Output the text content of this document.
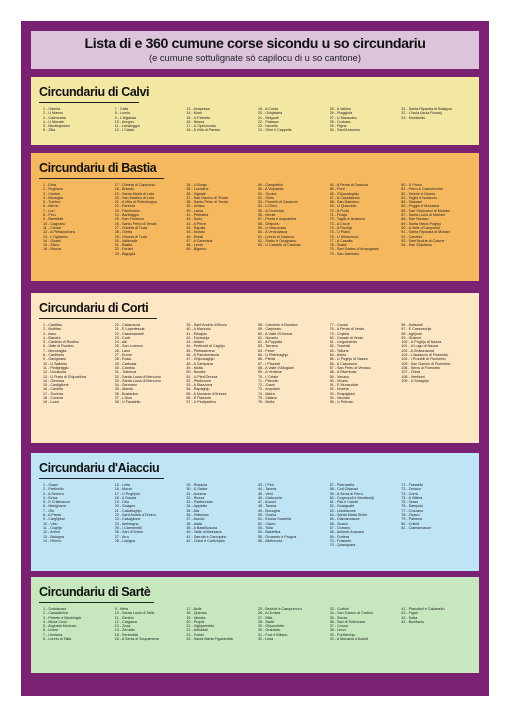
Lista di e 360 cumune corse sicondu u so circundariu
(e cumune sottulignate sò capilocu di u so cantone)
Circundariu di Calvi
1 - Galeria
2 - U Manso
3 - Calenzana
4 - U Mucale
5 - Montegrosso
6 - Zilia
7 - Calvi
8 - Lumiu
9 - L'Algaiola
10 - Aregnu
11 - Lavatoggiu
12 - I Catari
13 - Avapessa
14 - Muru
15 - U Felicetu
16 - Nessa
17 - U Speluncatu
18 - A Villa di Parasu
19 - A Costa
20 - Ochjatana
21 - Belgudè
22 - Palasca
23 - Novella
24 - Olmi è Cappella
25 - A Vallica
26 - Pioggiola
27 - U Mausoleu
28 - Curbara
29 - Pigna
30 - Sant'Antoninu
31 - Santa Riparata di Balagna
32 - L'Isula (Isula Rossa)
33 - Munticellu
Circundariu di Bastia
1 - Ersa
2 - Rugliano
3 - Centuri
4 - Morsiglia
5 - Tumino
6 - Merìa
7 - Luri
8 - Pinu
9 - Barrettali
10 - Cagnanu
11 - Canari
12 - A Petracurbara
13 - L'Ogliastru
14 - Olcani
15 - Sisco
16 - Nonza
17 - Olmeta di Capicorsu
18 - Brandu
19 - Santa Maria di Lota
20 - San Martinu di Lota
21 - A Villa di Pietrabugnu
22 - Farinole
23 - Patrimoniu
24 - Barbaggiu
25 - San Fiorenzu
26 - Santu Petru di Tenda
27 - Olmeta di Tuda
28 - Oletta
29 - Olmeta di Tuda
30 - Vallecalle
31 - Bastia
32 - Furiani
33 - Biguglia
34 - U Borgu
35 - Lucciana
36 - Vignale
37 - San Gavinu di Tenda
38 - Santu Petru di Tenda
39 - Urtaca
40 - Lama
41 - Pietralba
42 - Sorio
43 - A Pieve
44 - Rapale
45 - Murato
46 - Rutali
47 - A Canonica
48 - Lento
49 - Bigornu
49 - Campitellu
50 - A Volpaiola
51 - Scolca
52 - Olmu
53 - Prunelli di Casaconi
54 - L'Olmu
55 - A Crucichja
56 - Monte
57 - Penta è Acquatella
58 - Ortiporiu
59 - U Vescuvatu
60 - A Venzulasca
61 - Loretu di Casinca
62 - Sorbu è Ocugnanu
63 - U Castellu di Casinca
64 - A Penta di Casinca
65 - Porri
66 - Ghjucatoghju
67 - A Casabianca
68 - San Damianu
69 - U Quarciolu
70 - A Porta
71 - Ficaja
72 - Taglio è Isulacciu
73 - A Croce
74 - A Fiuchja
75 - U Piano
76 - U Silvareccio
77 - A Casalta
78 - Scata
79 - San Gavinu d'Ampugnani
79 - San Damianu
80 - U Prunu
81 - Perru è Casevecchie
82 - Velone è Ornetu
83 - Taglio è Isulacciu
84 - Talasani
85 - Poggiu è Mezzana
86 - San Ghjuvanni di Moriani
87 - Santa Lucia di Moriani
88 - San Nicolau
89 - Santa Maria Poghju
90 - A Valle d'Campulori
91 - Santa Riparata di Moriani
92 - Carvinio
93 - Sant'Andria di Cotone
94 - San Ghjulianu
Circundariu di Corti
1 - Castifau
2 - Moltifau
3 - Ascu
4 - Bianchi
5 - Castellu di Rustinu
6 - Valle di Rustinu
7 - Morosaglia
8 - Castinetu
9 - Gavignanu
10 - U Salicetu
11 - Pedigriggiu
12 - Ucciaccia
13 - U Pratu di Ghjuvellina
14 - Omessa
15 - Castiglione
16 - Castirla
17 - Soveria
18 - Corscia
19 - Lozzi
20 - Calacuccia
21 - E Lopertescie
22 - Casamaccioli
23 - Corti
24 - Aiti
25 - San Lorenzu
26 - Lano
27 - Erone
28 - Rusiu
29 - Carticasi
30 - Cambia
31 - Tralonca
32 - Santa Lucia di Mercuriu
33 - Santa Lucia di Mercuriu
34 - Sermanu
35 - Alandu
36 - Bustanicu
37 - L'Alzu
38 - U Favalellu
39 - Sant'Andria di Boziu
40 - A Mazzola
41 - Erbajolu
42 - Focicchja
43 - Altiani
44 - Pedicorti di Caghju
45 - Pietraserena
46 - A Pancheraccia
47 - Ghjuncaghju
48 - A Campana
49 - Moita
50 - Noceta
51 - U Pied'Orezza
52 - Piedicroce
53 - A Stazzona
54 - Rapaghju
55 - A Munacia d'Orezza
56 - E Piazzole
57 - U Pedipartinu
58 - Carcheto è Brustico
59 - Carpineto
60 - A Valle d'Orezza
61 - Nucariu
62 - A Poppata
63 - Tarranu
64 - Felce
65 - U Pietricaghju
66 - Pietrà
67 - I Piazzali
68 - A Valle d'Alisgiani
69 - A Verdese
70 - L'Ortale
71 - Pianellu
72 - Zuani
73 - Ampriani
74 - Matra
75 - Zalana
76 - Moita
77 - Canari
78 - A Penta di Verde
79 - Chjatra
80 - Canale di Verde
81 - Linguizzetta
82 - Tocchisi
83 - Tallone
84 - Aleria
85 - U Poghju di Nazza
86 - A Casanova
87 - San Petru di Venacu
88 - A Riventosa
89 - Venacu
90 - Vivariu
91 - E Muracciole
92 - Noceta
93 - Rospigliani
94 - Vezzani
95 - U Petrosu
96 - Antisanti
97 - E Casevechje
98 - Aghjone
99 - Ghisoni
100 - U Poghju di Nazza
101 - U Lugu di Nazza
102 - A Ghisunaccia
103 - L'Isulacciu di Fiumorbu
104 - I Prunelli di Fiumorbu
105 - San Gavinu di Fiumorbu
106 - Serra di Fiumorbu
107 - Chisà
108 - Ventiseri
109 - U Solaghju
Circundariu d'Aiacciu
1 - Osani
2 - Partinello
3 - A Serrera
4 - Evisa
5 - E Cristinacce
6 - Marignana
7 - Otu
8 - A Piana
9 - Carghjese
10 - Vicu
11 - Coghja
12 - Arbori
13 - Balogna
14 - Renno
15 - Letia
16 - Murzu
17 - U Pughjolu
18 - A Soccia
19 - Orto
20 - Guagnu
21 - Calcatoghju
22 - Sant'Andria d'Orcinu
23 - Casaglione
24 - Ambiegna
25 - I Carmendili
26 - Sari d'Orcinu
27 - Arru
28 - Lopigna
29 - Rosazia
30 - U Salice
31 - Azzana
32 - Rezza
33 - Pastricciola
34 - Appietto
35 - Afa
36 - Villanova
37 - Ascolo
38 - Alata
39 - A Bastilicaccia
40 - Valle di Mezzana
41 - Sarrola è Carcupinu
42 - Cutuli è Curtichjatu
43 - I Peri
44 - Tavera
45 - Vero
46 - Carbuccia
47 - Aucciò
48 - Tavera
49 - Bucugnà
50 - Ocana
51 - Eccica Suarella
52 - Cauro
53 - Tolla
54 - Bastelica
55 - Grosseto è Prugna
56 - Albitreccia
57 - Pietrosella
58 - Coti Chjavari
59 - A Serra di Ferru
60 - Cognocoli è Munticchji
61 - Pila è Canali
62 - Guargualè
63 - Urbalacone
64 - Santa Maria Siché
65 - Ciamannacce
66 - Zicavo
67 - Corrano
68 - Azilone-Ampaza
69 - Guitera
70 - Frasseto
70 - Quasquara
71 - Frasseto
72 - Zevaco
73 - Corrà
74 - A Vittera
75 - Tasso
76 - Sampolo
77 - Cozzano
78 - Zicavu
79 - Palneca
80 - Cuttoli
81 - Ciamannacce
Circundariu di Sartè
1 - Suddacarò
2 - Casalabriva
3 - Petretu è Bicchisgià
4 - Moca Croci
5 - Argiusta Moriccio
6 - Livesi
7 - Ulmiccia
8 - Loretu di Tallà
9 - Mela
10 - Santa Lucia di Tallà
11 - Olmeto
12 - Cargiaca
13 - Zoza
14 - Zerubia
15 - Serbuddà
16 - A Serra di Scupamena
17 - Aullè
18 - Quenza
19 - Ulmeta
20 - Propià
21 - Vighjaneddu
22 - Arbiddali
23 - Foddù
24 - Santa Maria Figaniedda
25 - Belvide è Campumoru
26 - A Grossa
27 - Bilia
28 - Sartè
29 - Ghjunchetu
30 - Granaciu
31 - Foci è Bilianu
32 - Lista
33 - Curbini
34 - San Gavinu di Carbini
35 - Zonza
36 - Sari di Solenzara
37 - Conca
38 - Lecci
39 - Portivechju
40 - A Munacia d'Auddè
41 - Pianottoli è Caldarellu
42 - Figari
43 - Sotta
44 - Bunifaziu
